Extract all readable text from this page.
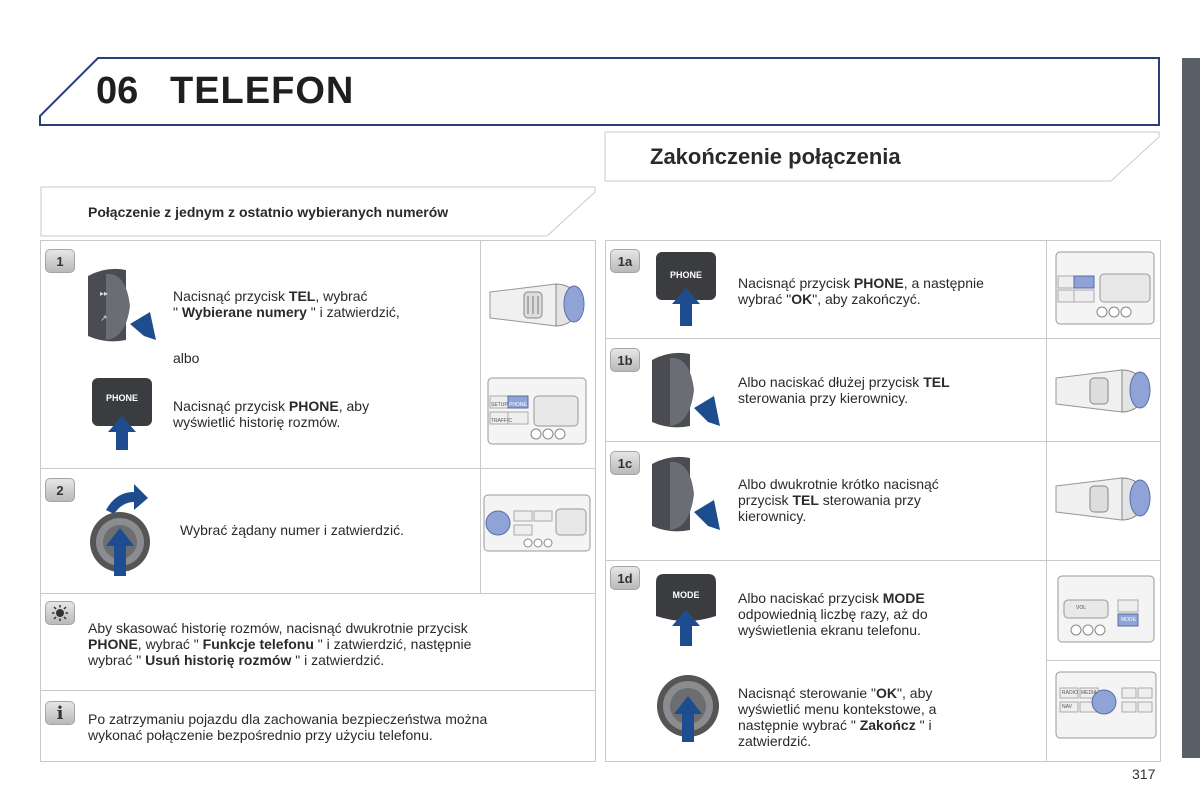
06 TELEFON
Zakończenie połączenia
Połączenie z jednym z ostatnio wybieranych numerów
1
▸▸
↗
Nacisnąć przycisk TEL, wybrać
" Wybierane numery " i zatwierdzić,
albo
PHONE	Nacisnąć przycisk PHONE, aby
wyświetlić historię rozmów.
SETUP PHONE
TRAFFIC
2
Wybrać żądany numer i zatwierdzić.
Aby skasować historię rozmów, nacisnąć dwukrotnie przycisk
PHONE, wybrać " Funkcje telefonu " i zatwierdzić, następnie
wybrać " Usuń historię rozmów " i zatwierdzić.
i	Po zatrzymaniu pojazdu dla zachowania bezpieczeństwa można
wykonać połączenie bezpośrednio przy użyciu telefonu.
1a
PHONE	Nacisnąć przycisk PHONE, a następnie
wybrać "OK", aby zakończyć.
1b
Albo naciskać dłużej przycisk TEL
sterowania przy kierownicy.
1c
Albo dwukrotnie krótko nacisnąć
przycisk TEL sterowania przy
kierownicy.
1d
MODE	Albo naciskać przycisk MODE
odpowiednią liczbę razy, aż do
wyświetlenia ekranu telefonu.
VOL
MODE
Nacisnąć sterowanie "OK", aby
wyświetlić menu kontekstowe, a
następnie wybrać " Zakończ " i
zatwierdzić.
RADIO MEDIA
NAV
317
